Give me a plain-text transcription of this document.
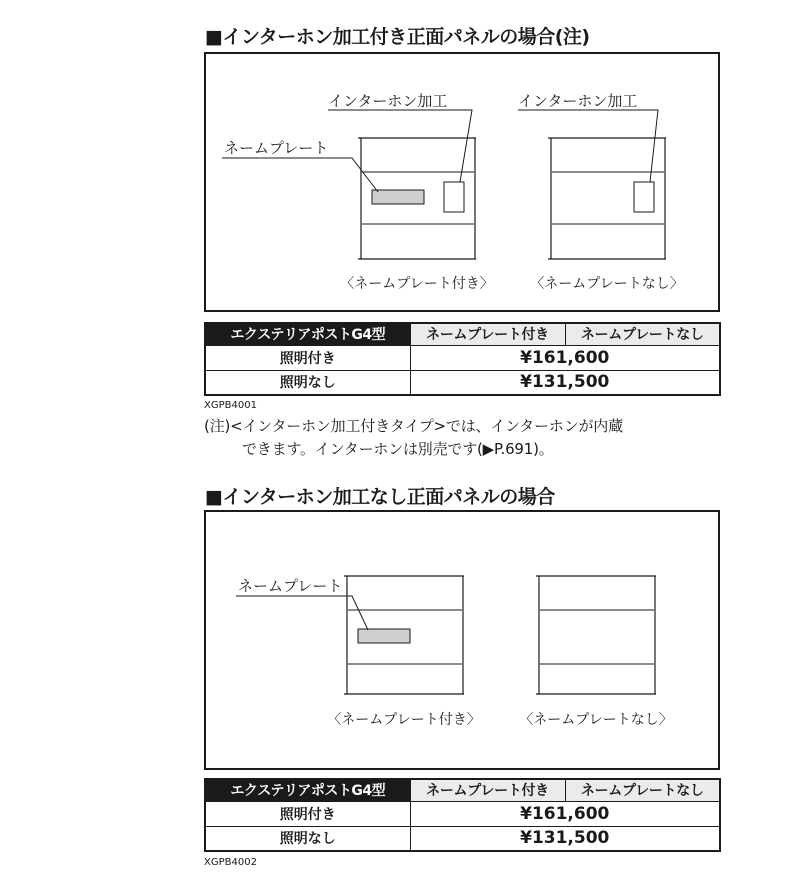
■インターホン加工付き正面パネルの場合(注)
インターホン加工
ネームプレート
〈ネームプレート付き〉
インターホン加工
〈ネームプレートなし〉
エクステリアポストG4型	ネームプレート付き	ネームプレートなし
照明付き	¥161,600	
照明なし	¥131,500	
XGPB4001
(注)<インターホン加工付きタイプ>では、インターホンが内蔵
できます。インターホンは別売です(▶P.691)。
■インターホン加工なし正面パネルの場合
ネームプレート
〈ネームプレート付き〉	〈ネームプレートなし〉
エクステリアポストG4型	ネームプレート付き	ネームプレートなし
照明付き	¥161,600	
照明なし	¥131,500	
XGPB4002
